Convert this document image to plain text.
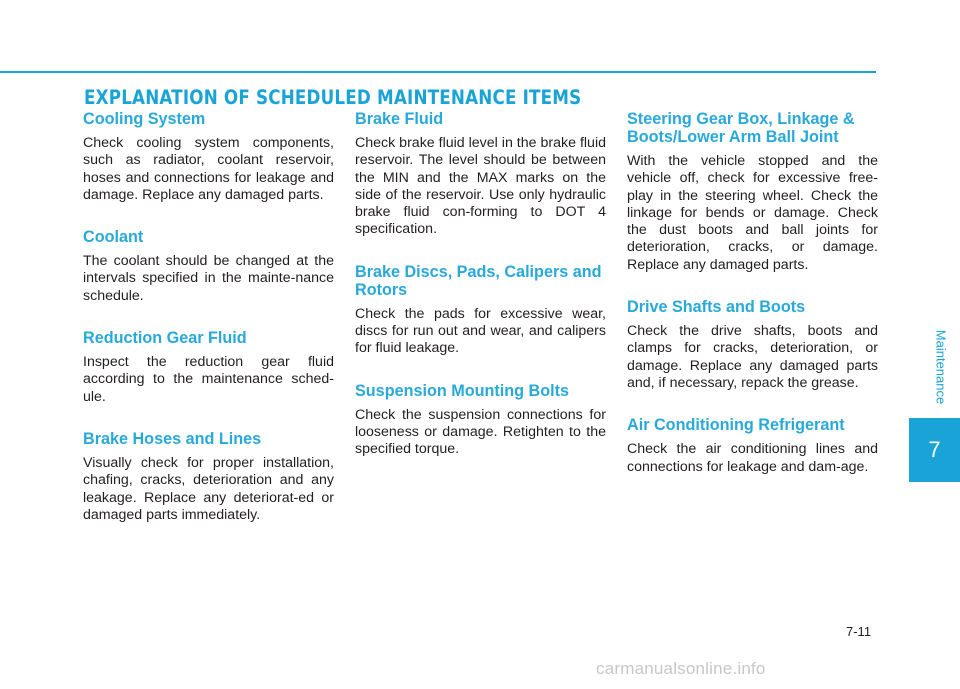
EXPLANATION OF SCHEDULED MAINTENANCE ITEMS
Cooling System

Check cooling system components, such as radiator, coolant reservoir, hoses and connections for leakage and damage. Replace any damaged parts.

Coolant

The coolant should be changed at the intervals specified in the mainte-nance schedule.

Reduction Gear Fluid

Inspect the reduction gear fluid according to the maintenance sched-ule.

Brake Hoses and Lines

Visually check for proper installation, chafing, cracks, deterioration and any leakage. Replace any deteriorat-ed or damaged parts immediately.

Brake Fluid

Check brake fluid level in the brake fluid reservoir. The level should be between the MIN and the MAX marks on the side of the reservoir. Use only hydraulic brake fluid con-forming to DOT 4 specification.

Brake Discs, Pads, Calipers and Rotors

Check the pads for excessive wear, discs for run out and wear, and calipers for fluid leakage.

Suspension Mounting Bolts

Check the suspension connections for looseness or damage. Retighten to the specified torque.

Steering Gear Box, Linkage & Boots/Lower Arm Ball Joint

With the vehicle stopped and the vehicle off, check for excessive free-play in the steering wheel. Check the linkage for bends or damage. Check the dust boots and ball joints for deterioration, cracks, or damage. Replace any damaged parts.

Drive Shafts and Boots

Check the drive shafts, boots and clamps for cracks, deterioration, or damage. Replace any damaged parts and, if necessary, repack the grease.

Air Conditioning Refrigerant

Check the air conditioning lines and connections for leakage and dam-age.

Maintenance
7
7-11
carmanualsonline.info
